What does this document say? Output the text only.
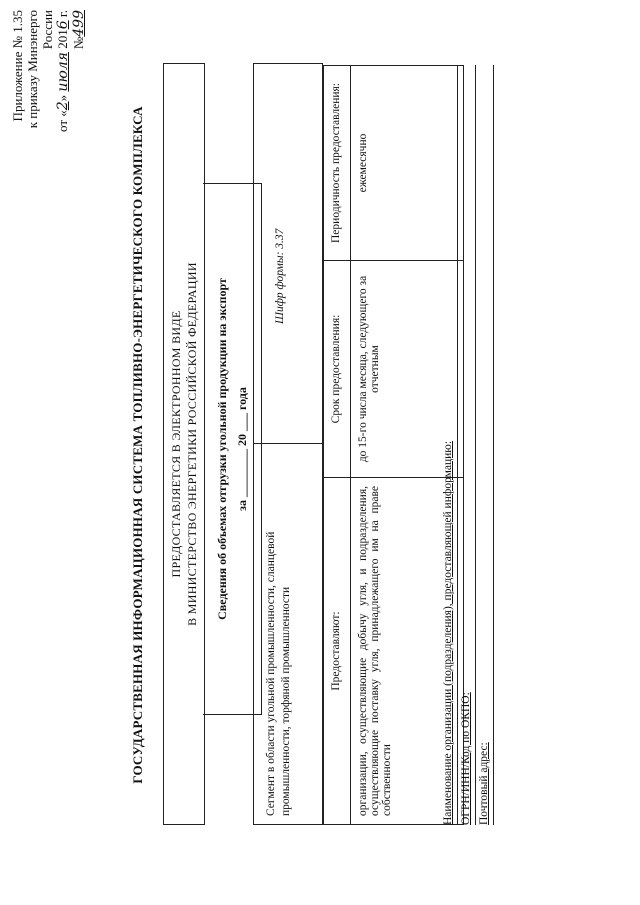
Приложение № 1.35 к приказу Минэнерго России
от «2» июля 2016 г. №499
ГОСУДАРСТВЕННАЯ ИНФОРМАЦИОННАЯ СИСТЕМА ТОПЛИВНО-ЭНЕРГЕТИЧЕСКОГО КОМПЛЕКСА ПРЕДОСТАВЛЯЕТСЯ В ЭЛЕКТРОННОМ ВИДЕ В МИНИСТЕРСТВО ЭНЕРГЕТИКИ РОССИЙСКОЙ ФЕДЕРАЦИИ Сведения об объемах отгрузки угольной продукции на экспорт за ________ 20 ___ года
Сегмент в области угольной промышленности, сланцевой промышленности, торфяной промышленности
Шифр формы: 3.37
Предоставляют:	Срок предоставления:	Периодичность предоставления:
организации, осуществляющие добычу угля, и подразделения, осуществляющие поставку угля, принадлежащего им на праве собственности	до 15-го числа месяца, следующего за отчетным	ежемесячно
Наименование организации (подразделения), предоставляющей информацию: ОГРН/ИНН/Код по ОКПО: Почтовый адрес:
